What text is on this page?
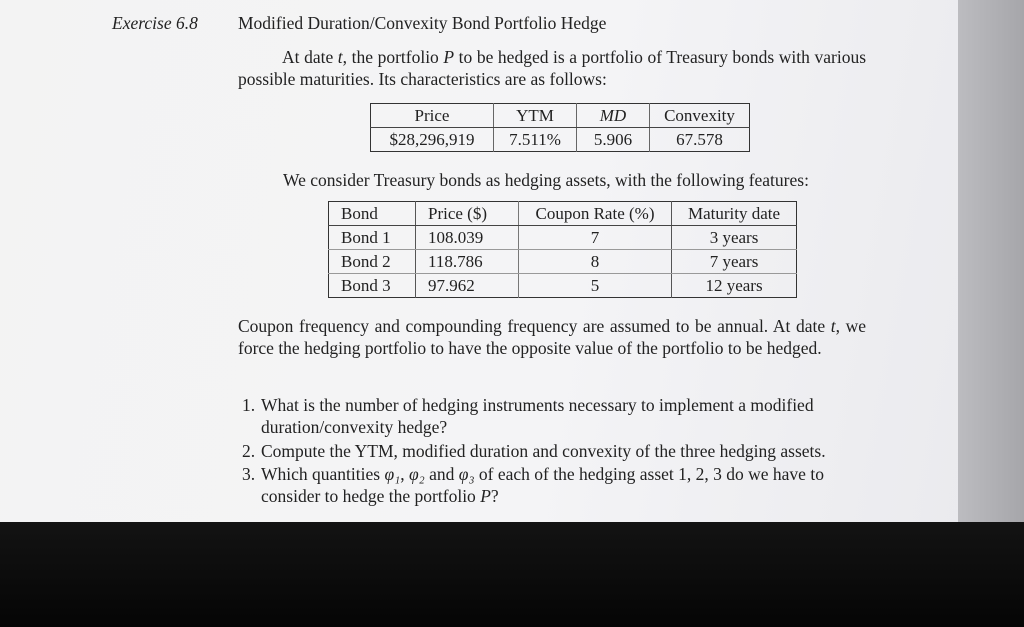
Exercise 6.8 Modified Duration/Convexity Bond Portfolio Hedge
At date t, the portfolio P to be hedged is a portfolio of Treasury bonds with various possible maturities. Its characteristics are as follows:
Price	YTM	MD	Convexity
$28,296,919	7.511%	5.906	67.578
We consider Treasury bonds as hedging assets, with the following features:
Bond	Price ($)	Coupon Rate (%)	Maturity date
Bond 1	108.039	7	3 years
Bond 2	118.786	8	7 years
Bond 3	97.962	5	12 years
Coupon frequency and compounding frequency are assumed to be annual. At date t, we force the hedging portfolio to have the opposite value of the portfolio to be hedged.
1. What is the number of hedging instruments necessary to implement a modified duration/convexity hedge?
2. Compute the YTM, modified duration and convexity of the three hedging assets.
3. Which quantities φ₁, φ₂ and φ₃ of each of the hedging asset 1, 2, 3 do we have to consider to hedge the portfolio P?
